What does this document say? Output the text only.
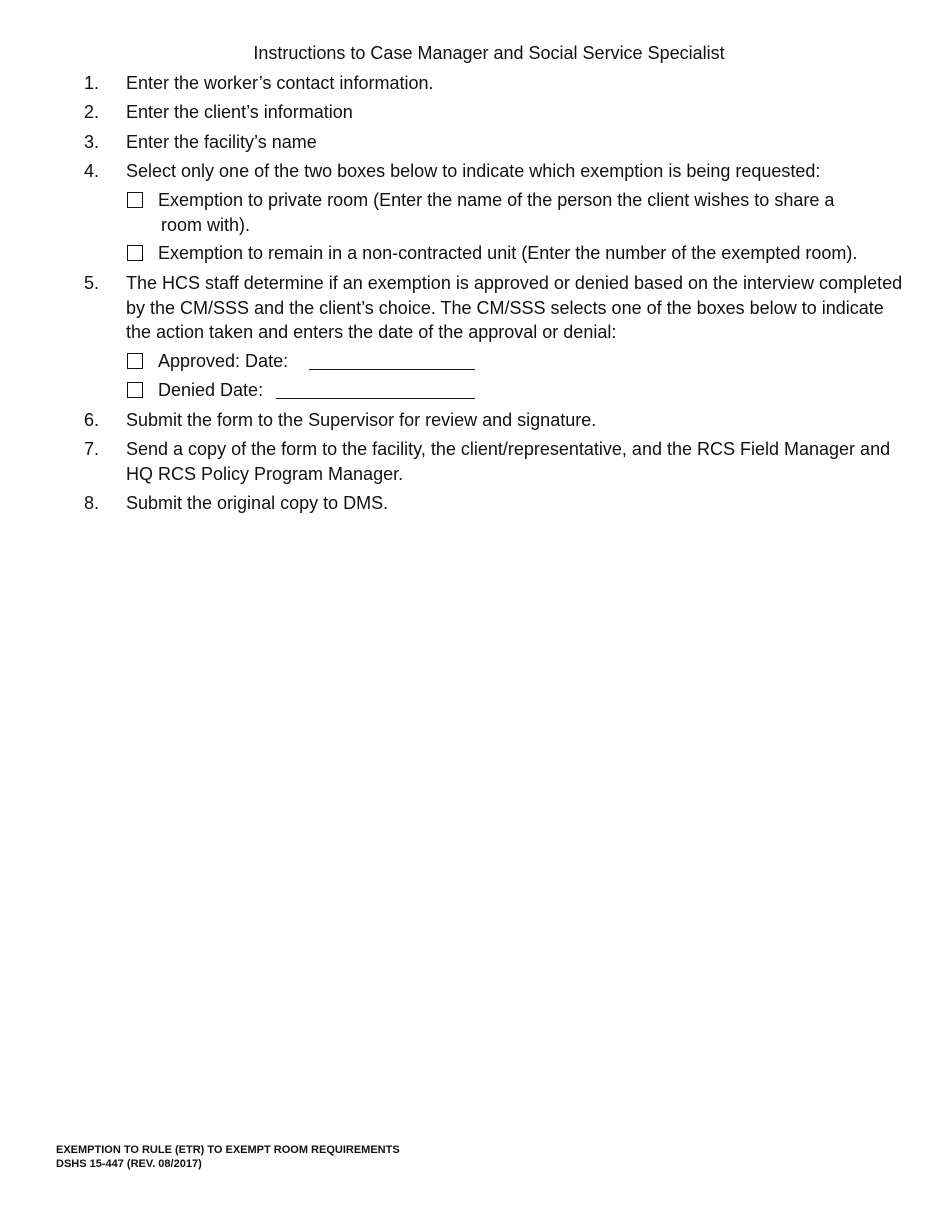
Instructions to Case Manager and Social Service Specialist
1. Enter the worker’s contact information.
2. Enter the client’s information
3. Enter the facility’s name
4. Select only one of the two boxes below to indicate which exemption is being requested:
Exemption to private room (Enter the name of the person the client wishes to share a
room with).
Exemption to remain in a non-contracted unit (Enter the number of the exempted room).
5. The HCS staff determine if an exemption is approved or denied based on the interview completed by the CM/SSS and the client’s choice. The CM/SSS selects one of the boxes below to indicate the action taken and enters the date of the approval or denial:
Approved: Date:
Denied Date:
6. Submit the form to the Supervisor for review and signature.
7. Send a copy of the form to the facility, the client/representative, and the RCS Field Manager and HQ RCS Policy Program Manager.
8. Submit the original copy to DMS.
EXEMPTION TO RULE (ETR) TO EXEMPT ROOM REQUIREMENTS
DSHS 15-447 (REV. 08/2017)
